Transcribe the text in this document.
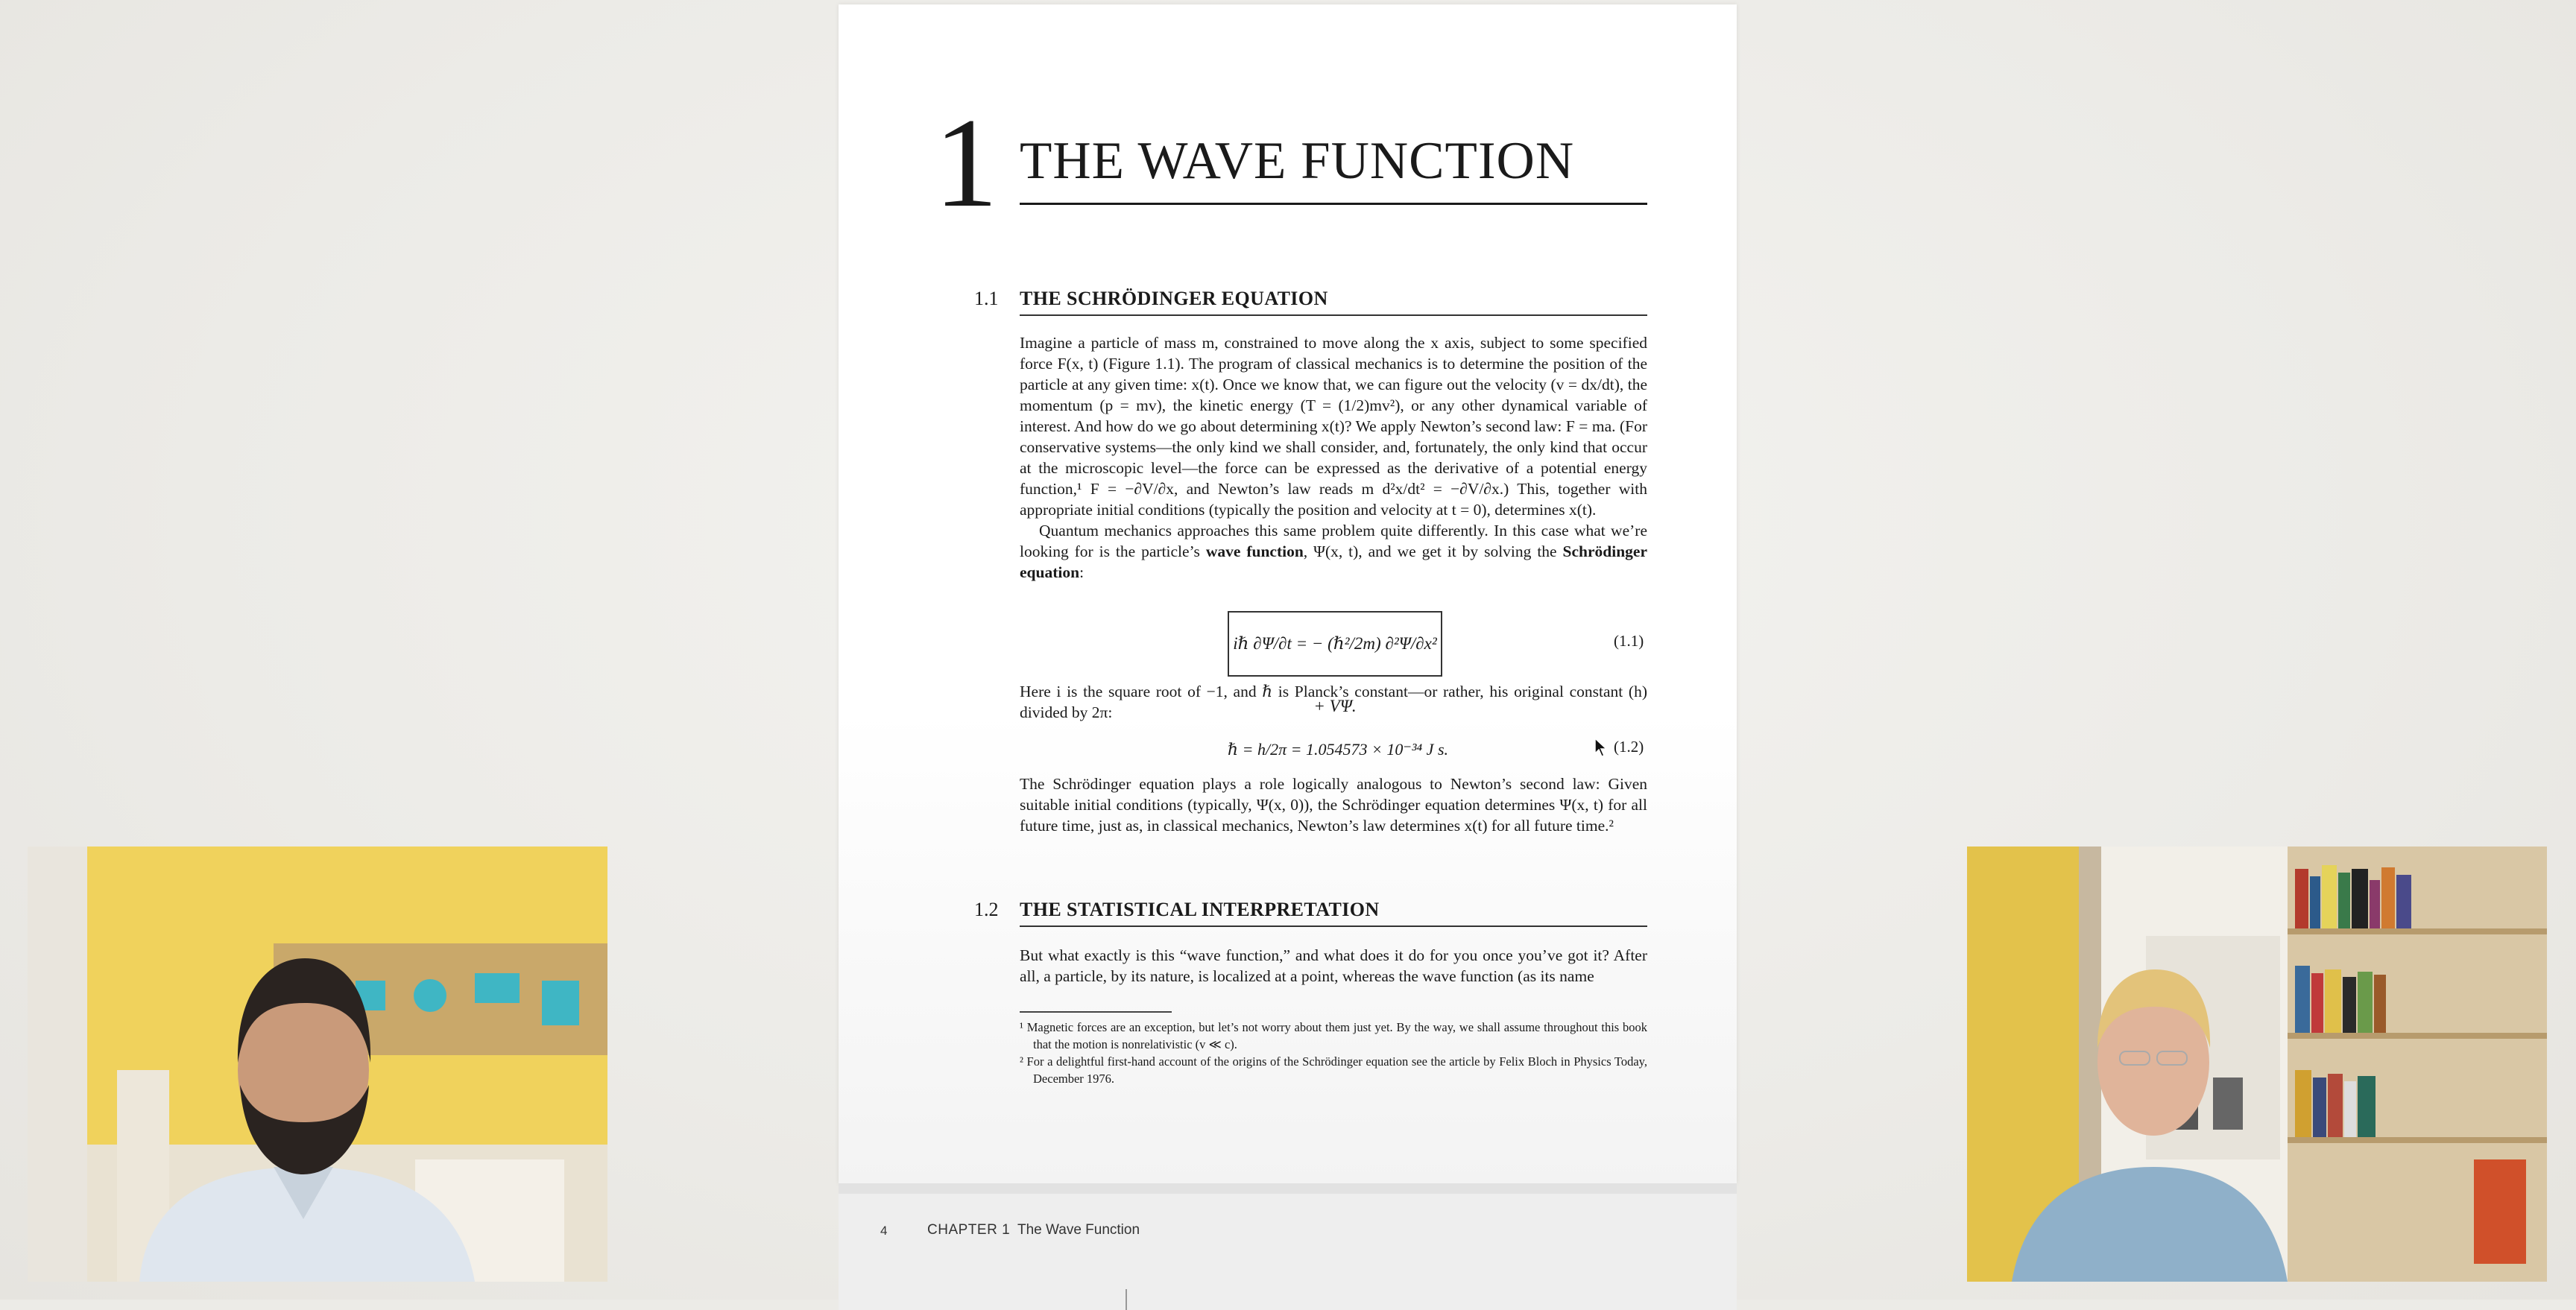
1 THE WAVE FUNCTION
1.1 THE SCHRÖDINGER EQUATION

Imagine a particle of mass m, constrained to move along the x axis, subject to some specified force F(x, t) (Figure 1.1). The program of classical mechanics is to determine the position of the particle at any given time: x(t). Once we know that, we can figure out the velocity (v = dx/dt), the momentum (p = mv), the kinetic energy (T = (1/2)mv²), or any other dynamical variable of interest. And how do we go about determining x(t)? We apply Newton’s second law: F = ma. (For conservative systems—the only kind we shall consider, and, fortunately, the only kind that occur at the microscopic level—the force can be expressed as the derivative of a potential energy function,¹ F = −∂V/∂x, and Newton’s law reads m d²x/dt² = −∂V/∂x.) This, together with appropriate initial conditions (typically the position and velocity at t = 0), determines x(t).

Quantum mechanics approaches this same problem quite differently. In this case what we’re looking for is the particle’s wave function, Ψ(x, t), and we get it by solving the Schrödinger equation:

iℏ ∂Ψ/∂t = − (ℏ²/2m) ∂²Ψ/∂x² + VΨ.
(1.1)

Here i is the square root of −1, and ℏ is Planck’s constant—or rather, his original constant (h) divided by 2π:

ℏ = h/2π = 1.054573 × 10⁻³⁴ J s.	(1.2)

The Schrödinger equation plays a role logically analogous to Newton’s second law: Given suitable initial conditions (typically, Ψ(x, 0)), the Schrödinger equation determines Ψ(x, t) for all future time, just as, in classical mechanics, Newton’s law determines x(t) for all future time.²

1.2 THE STATISTICAL INTERPRETATION

But what exactly is this “wave function,” and what does it do for you once you’ve got it? After all, a particle, by its nature, is localized at a point, whereas the wave function (as its name

¹ Magnetic forces are an exception, but let’s not worry about them just yet. By the way, we shall assume throughout this book that the motion is nonrelativistic (v ≪ c).

² For a delightful first-hand account of the origins of the Schrödinger equation see the article by Felix Bloch in Physics Today, December 1976.

4	CHAPTER 1 The Wave Function
